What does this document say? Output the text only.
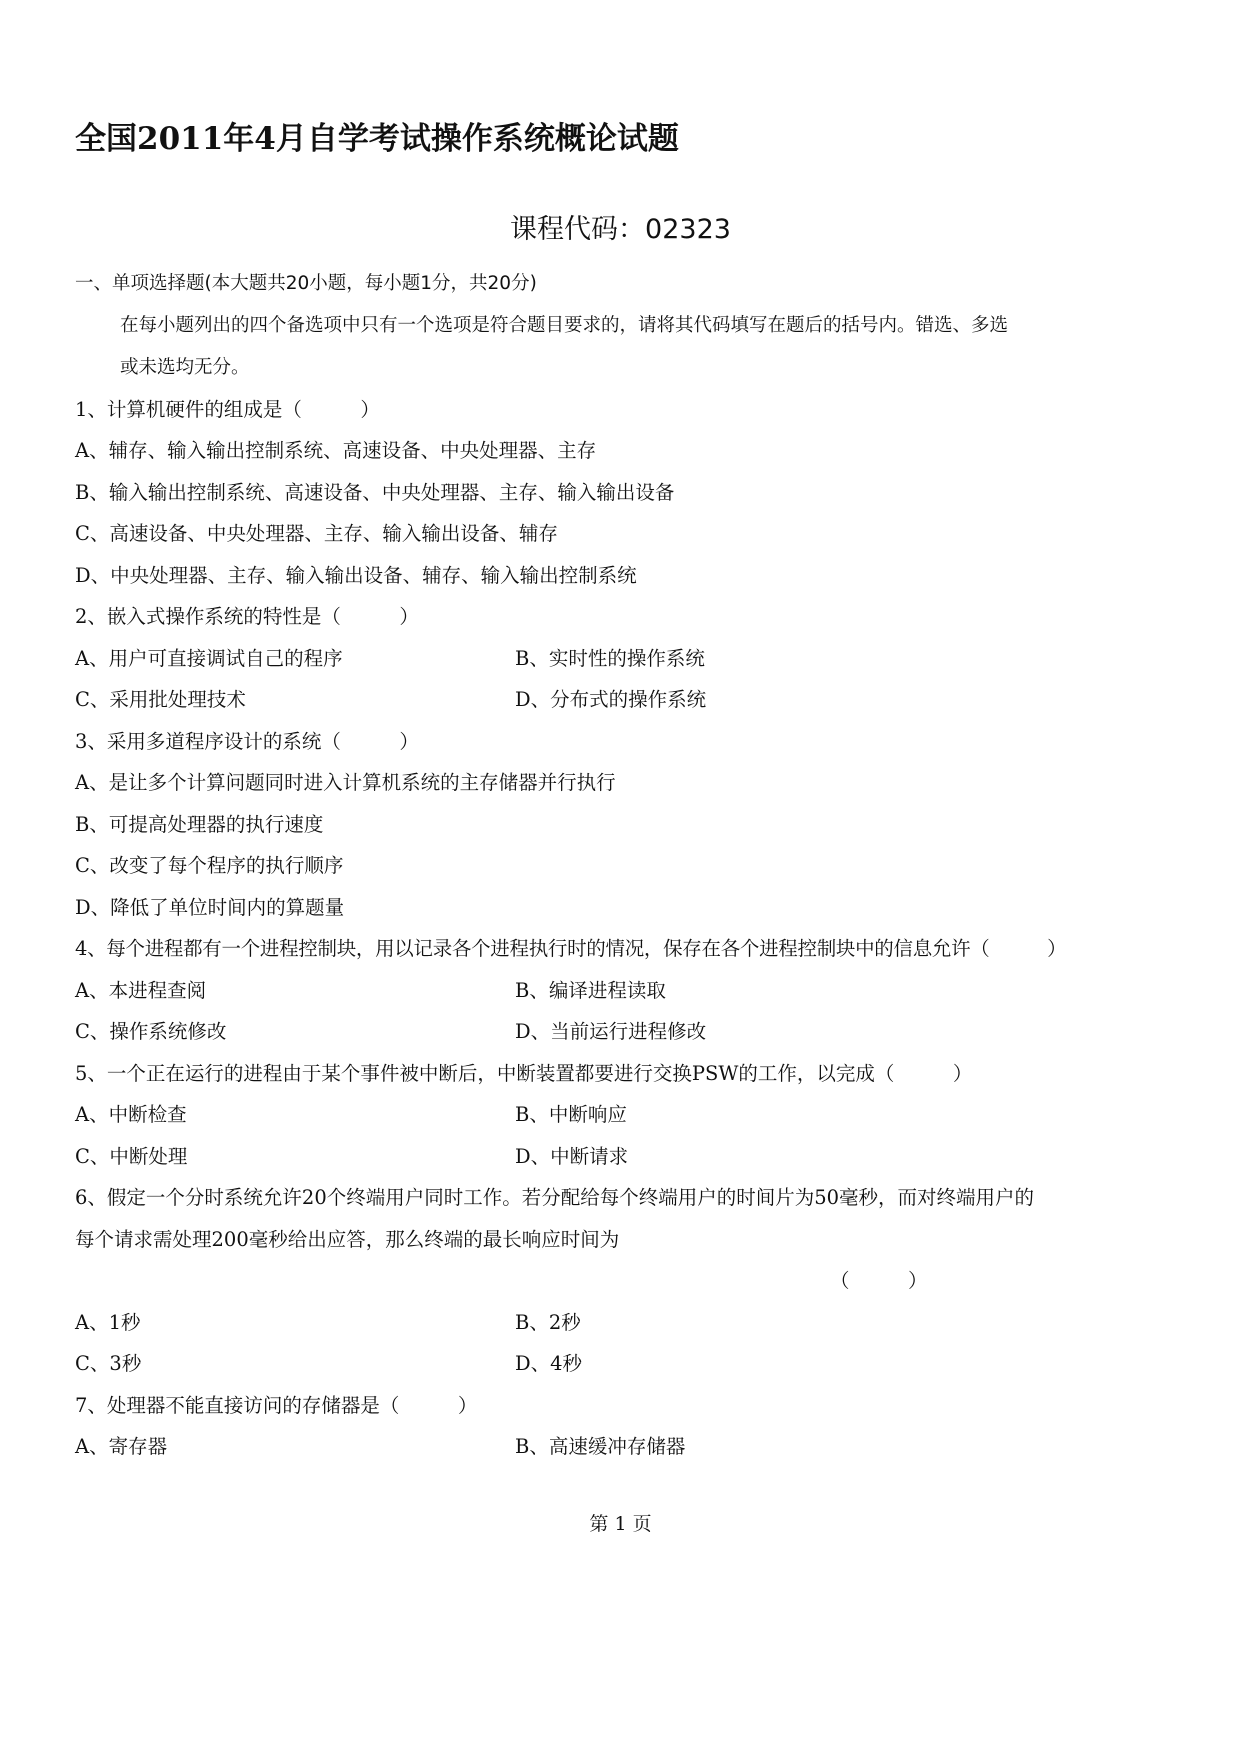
全国2011年4月自学考试操作系统概论试题
课程代码：02323
一、单项选择题(本大题共20小题，每小题1分，共20分)
在每小题列出的四个备选项中只有一个选项是符合题目要求的，请将其代码填写在题后的括号内。错选、多选
或未选均无分。
1、计算机硬件的组成是（　　　）
A、辅存、输入输出控制系统、高速设备、中央处理器、主存
B、输入输出控制系统、高速设备、中央处理器、主存、输入输出设备
C、高速设备、中央处理器、主存、输入输出设备、辅存
D、中央处理器、主存、输入输出设备、辅存、输入输出控制系统
2、嵌入式操作系统的特性是（　　　）
A、用户可直接调试自己的程序	B、实时性的操作系统
C、采用批处理技术	D、分布式的操作系统
3、采用多道程序设计的系统（　　　）
A、是让多个计算问题同时进入计算机系统的主存储器并行执行
B、可提高处理器的执行速度
C、改变了每个程序的执行顺序
D、降低了单位时间内的算题量
4、每个进程都有一个进程控制块，用以记录各个进程执行时的情况，保存在各个进程控制块中的信息允许（　　　）
A、本进程查阅	B、编译进程读取
C、操作系统修改	D、当前运行进程修改
5、一个正在运行的进程由于某个事件被中断后，中断装置都要进行交换PSW的工作，以完成（　　　）
A、中断检查	B、中断响应
C、中断处理	D、中断请求
6、假定一个分时系统允许20个终端用户同时工作。若分配给每个终端用户的时间片为50毫秒，而对终端用户的
每个请求需处理200毫秒给出应答，那么终端的最长响应时间为
（　　　）
A、1秒	B、2秒
C、3秒	D、4秒
7、处理器不能直接访问的存储器是（　　　）
A、寄存器	B、高速缓冲存储器
第 1 页
